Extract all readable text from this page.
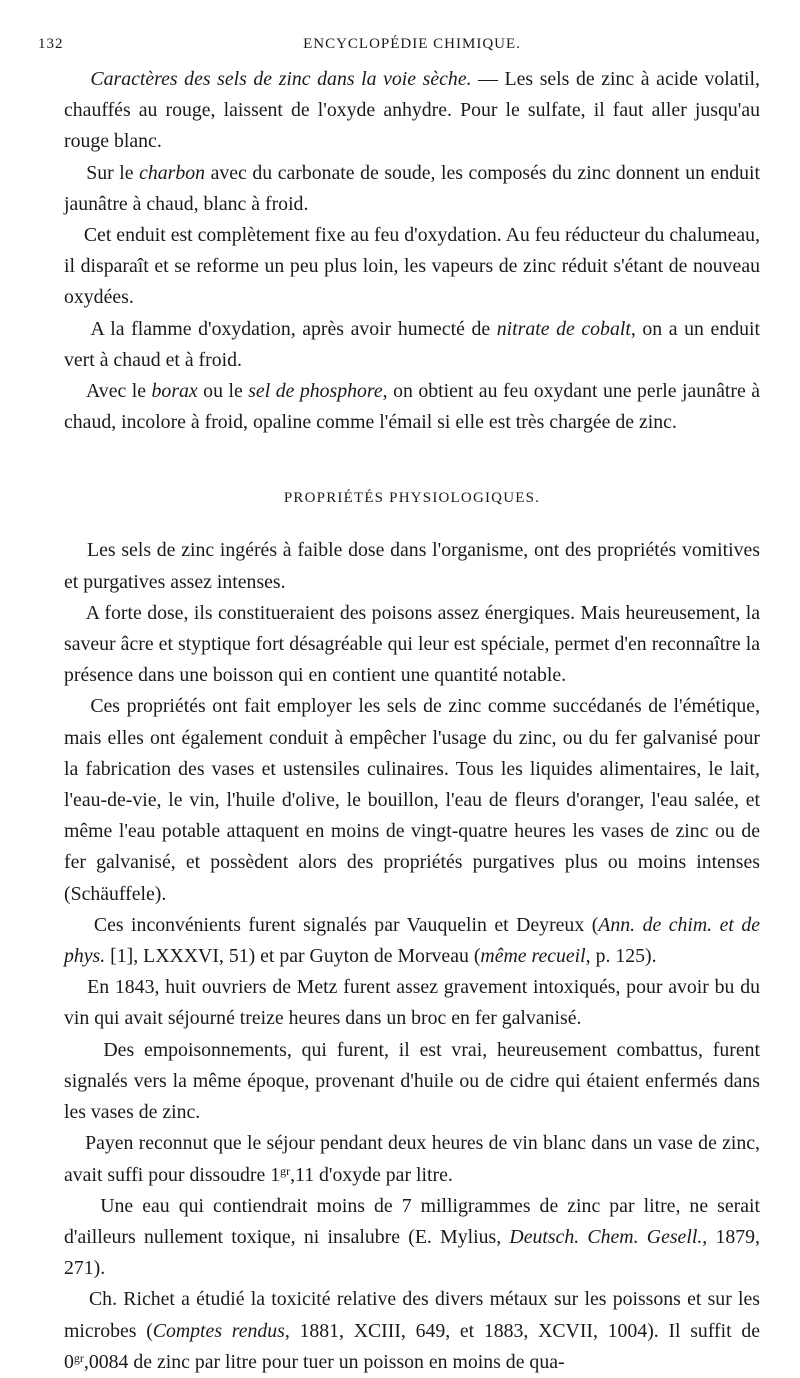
132	ENCYCLOPÉDIE CHIMIQUE.

Caractères des sels de zinc dans la voie sèche. — Les sels de zinc à acide volatil, chauffés au rouge, laissent de l'oxyde anhydre. Pour le sulfate, il faut aller jusqu'au rouge blanc.

Sur le charbon avec du carbonate de soude, les composés du zinc donnent un enduit jaunâtre à chaud, blanc à froid.

Cet enduit est complètement fixe au feu d'oxydation. Au feu réducteur du chalumeau, il disparaît et se reforme un peu plus loin, les vapeurs de zinc réduit s'étant de nouveau oxydées.

A la flamme d'oxydation, après avoir humecté de nitrate de cobalt, on a un enduit vert à chaud et à froid.

Avec le borax ou le sel de phosphore, on obtient au feu oxydant une perle jaunâtre à chaud, incolore à froid, opaline comme l'émail si elle est très chargée de zinc.

PROPRIÉTÉS PHYSIOLOGIQUES.

Les sels de zinc ingérés à faible dose dans l'organisme, ont des propriétés vomitives et purgatives assez intenses.

A forte dose, ils constitueraient des poisons assez énergiques. Mais heureusement, la saveur âcre et styptique fort désagréable qui leur est spéciale, permet d'en reconnaître la présence dans une boisson qui en contient une quantité notable.

Ces propriétés ont fait employer les sels de zinc comme succédanés de l'émétique, mais elles ont également conduit à empêcher l'usage du zinc, ou du fer galvanisé pour la fabrication des vases et ustensiles culinaires. Tous les liquides alimentaires, le lait, l'eau-de-vie, le vin, l'huile d'olive, le bouillon, l'eau de fleurs d'oranger, l'eau salée, et même l'eau potable attaquent en moins de vingt-quatre heures les vases de zinc ou de fer galvanisé, et possèdent alors des propriétés purgatives plus ou moins intenses (Schäuffele).

Ces inconvénients furent signalés par Vauquelin et Deyreux (Ann. de chim. et de phys. [1], LXXXVI, 51) et par Guyton de Morveau (même recueil, p. 125).

En 1843, huit ouvriers de Metz furent assez gravement intoxiqués, pour avoir bu du vin qui avait séjourné treize heures dans un broc en fer galvanisé.

Des empoisonnements, qui furent, il est vrai, heureusement combattus, furent signalés vers la même époque, provenant d'huile ou de cidre qui étaient enfermés dans les vases de zinc.

Payen reconnut que le séjour pendant deux heures de vin blanc dans un vase de zinc, avait suffi pour dissoudre $1^{gr},11$ d'oxyde par litre.

Une eau qui contiendrait moins de 7 milligrammes de zinc par litre, ne serait d'ailleurs nullement toxique, ni insalubre (E. Mylius, Deutsch. Chem. Gesell., 1879, 271).

Ch. Richet a étudié la toxicité relative des divers métaux sur les poissons et sur les microbes (Comptes rendus, 1881, XCIII, 649, et 1883, XCVII, 1004). Il suffit de $0^{gr},0084$ de zinc par litre pour tuer un poisson en moins de qua-
